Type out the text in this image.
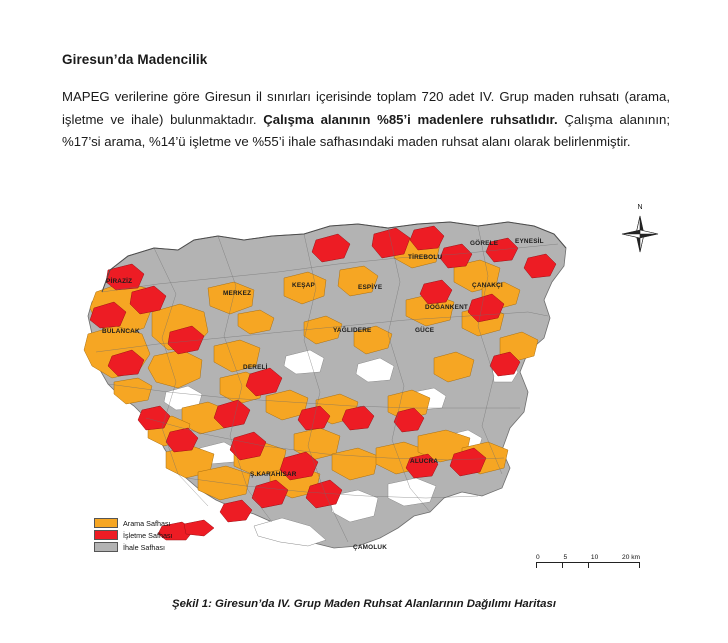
Giresun’da Madencilik
MAPEG verilerine göre Giresun il sınırları içerisinde toplam 720 adet IV. Grup maden ruhsatı (arama, işletme ve ihale) bulunmaktadır. Çalışma alanının %85’i madenlere ruhsatlıdır. Çalışma alanının; %17’si arama, %14’ü işletme ve %55’i ihale safhasındaki maden ruhsat alanı olarak belirlenmiştir.
PİRAZİZ
BULANCAK
MERKEZ
KEŞAP	ESPİYE
TİREBOLU
GÖRELE	EYNESİL
ÇANAKÇI
DOĞANKENT
YAĞLIDERE	GÜCE
DERELİ
Ş.KARAHİSAR
ALUCRA
ÇAMOLUK
Arama Safhası
İşletme Safhası
İhale Safhası
0	5	10	20 km
N
Şekil 1: Giresun’da IV. Grup Maden Ruhsat Alanlarının Dağılımı Haritası
